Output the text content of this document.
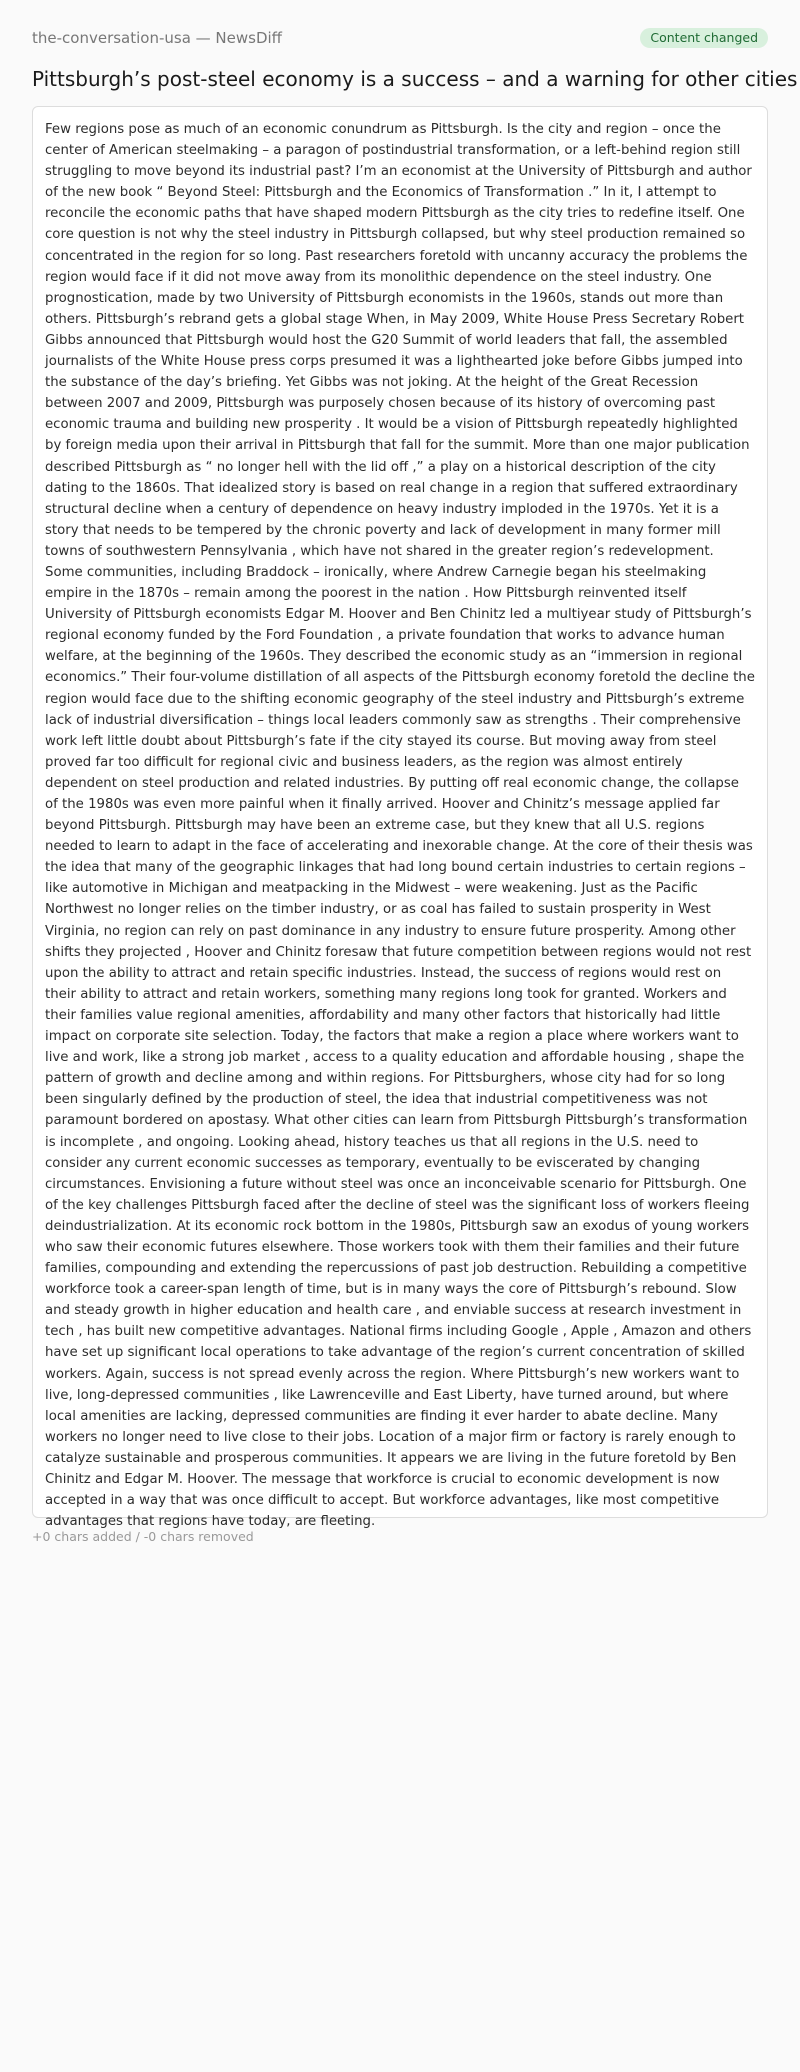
the-conversation-usa — NewsDiff	Content changed
Pittsburgh’s post-steel economy is a success – and a warning for other cities
Few regions pose as much of an economic conundrum as Pittsburgh. Is the city and region – once the center of American steelmaking – a paragon of postindustrial transformation, or a left-behind region still struggling to move beyond its industrial past? I’m an economist at the University of Pittsburgh and author of the new book “ Beyond Steel: Pittsburgh and the Economics of Transformation .” In it, I attempt to reconcile the economic paths that have shaped modern Pittsburgh as the city tries to redefine itself. One core question is not why the steel industry in Pittsburgh collapsed, but why steel production remained so concentrated in the region for so long. Past researchers foretold with uncanny accuracy the problems the region would face if it did not move away from its monolithic dependence on the steel industry. One prognostication, made by two University of Pittsburgh economists in the 1960s, stands out more than others. Pittsburgh’s rebrand gets a global stage When, in May 2009, White House Press Secretary Robert Gibbs announced that Pittsburgh would host the G20 Summit of world leaders that fall, the assembled journalists of the White House press corps presumed it was a lighthearted joke before Gibbs jumped into the substance of the day’s briefing. Yet Gibbs was not joking. At the height of the Great Recession between 2007 and 2009, Pittsburgh was purposely chosen because of its history of overcoming past economic trauma and building new prosperity . It would be a vision of Pittsburgh repeatedly highlighted by foreign media upon their arrival in Pittsburgh that fall for the summit. More than one major publication described Pittsburgh as “ no longer hell with the lid off ,” a play on a historical description of the city dating to the 1860s. That idealized story is based on real change in a region that suffered extraordinary structural decline when a century of dependence on heavy industry imploded in the 1970s. Yet it is a story that needs to be tempered by the chronic poverty and lack of development in many former mill towns of southwestern Pennsylvania , which have not shared in the greater region’s redevelopment. Some communities, including Braddock – ironically, where Andrew Carnegie began his steelmaking empire in the 1870s – remain among the poorest in the nation . How Pittsburgh reinvented itself University of Pittsburgh economists Edgar M. Hoover and Ben Chinitz led a multiyear study of Pittsburgh’s regional economy funded by the Ford Foundation , a private foundation that works to advance human welfare, at the beginning of the 1960s. They described the economic study as an “immersion in regional economics.” Their four-volume distillation of all aspects of the Pittsburgh economy foretold the decline the region would face due to the shifting economic geography of the steel industry and Pittsburgh’s extreme lack of industrial diversification – things local leaders commonly saw as strengths . Their comprehensive work left little doubt about Pittsburgh’s fate if the city stayed its course. But moving away from steel proved far too difficult for regional civic and business leaders, as the region was almost entirely dependent on steel production and related industries. By putting off real economic change, the collapse of the 1980s was even more painful when it finally arrived. Hoover and Chinitz’s message applied far beyond Pittsburgh. Pittsburgh may have been an extreme case, but they knew that all U.S. regions needed to learn to adapt in the face of accelerating and inexorable change. At the core of their thesis was the idea that many of the geographic linkages that had long bound certain industries to certain regions – like automotive in Michigan and meatpacking in the Midwest – were weakening. Just as the Pacific Northwest no longer relies on the timber industry, or as coal has failed to sustain prosperity in West Virginia, no region can rely on past dominance in any industry to ensure future prosperity. Among other shifts they projected , Hoover and Chinitz foresaw that future competition between regions would not rest upon the ability to attract and retain specific industries. Instead, the success of regions would rest on their ability to attract and retain workers, something many regions long took for granted. Workers and their families value regional amenities, affordability and many other factors that historically had little impact on corporate site selection. Today, the factors that make a region a place where workers want to live and work, like a strong job market , access to a quality education and affordable housing , shape the pattern of growth and decline among and within regions. For Pittsburghers, whose city had for so long been singularly defined by the production of steel, the idea that industrial competitiveness was not paramount bordered on apostasy. What other cities can learn from Pittsburgh Pittsburgh’s transformation is incomplete , and ongoing. Looking ahead, history teaches us that all regions in the U.S. need to consider any current economic successes as temporary, eventually to be eviscerated by changing circumstances. Envisioning a future without steel was once an inconceivable scenario for Pittsburgh. One of the key challenges Pittsburgh faced after the decline of steel was the significant loss of workers fleeing deindustrialization. At its economic rock bottom in the 1980s, Pittsburgh saw an exodus of young workers who saw their economic futures elsewhere. Those workers took with them their families and their future families, compounding and extending the repercussions of past job destruction. Rebuilding a competitive workforce took a career-span length of time, but is in many ways the core of Pittsburgh’s rebound. Slow and steady growth in higher education and health care , and enviable success at research investment in tech , has built new competitive advantages. National firms including Google , Apple , Amazon and others have set up significant local operations to take advantage of the region’s current concentration of skilled workers. Again, success is not spread evenly across the region. Where Pittsburgh’s new workers want to live, long-depressed communities , like Lawrenceville and East Liberty, have turned around, but where local amenities are lacking, depressed communities are finding it ever harder to abate decline. Many workers no longer need to live close to their jobs. Location of a major firm or factory is rarely enough to catalyze sustainable and prosperous communities. It appears we are living in the future foretold by Ben Chinitz and Edgar M. Hoover. The message that workforce is crucial to economic development is now accepted in a way that was once difficult to accept. But workforce advantages, like most competitive advantages that regions have today, are fleeting.
+0 chars added / -0 chars removed
